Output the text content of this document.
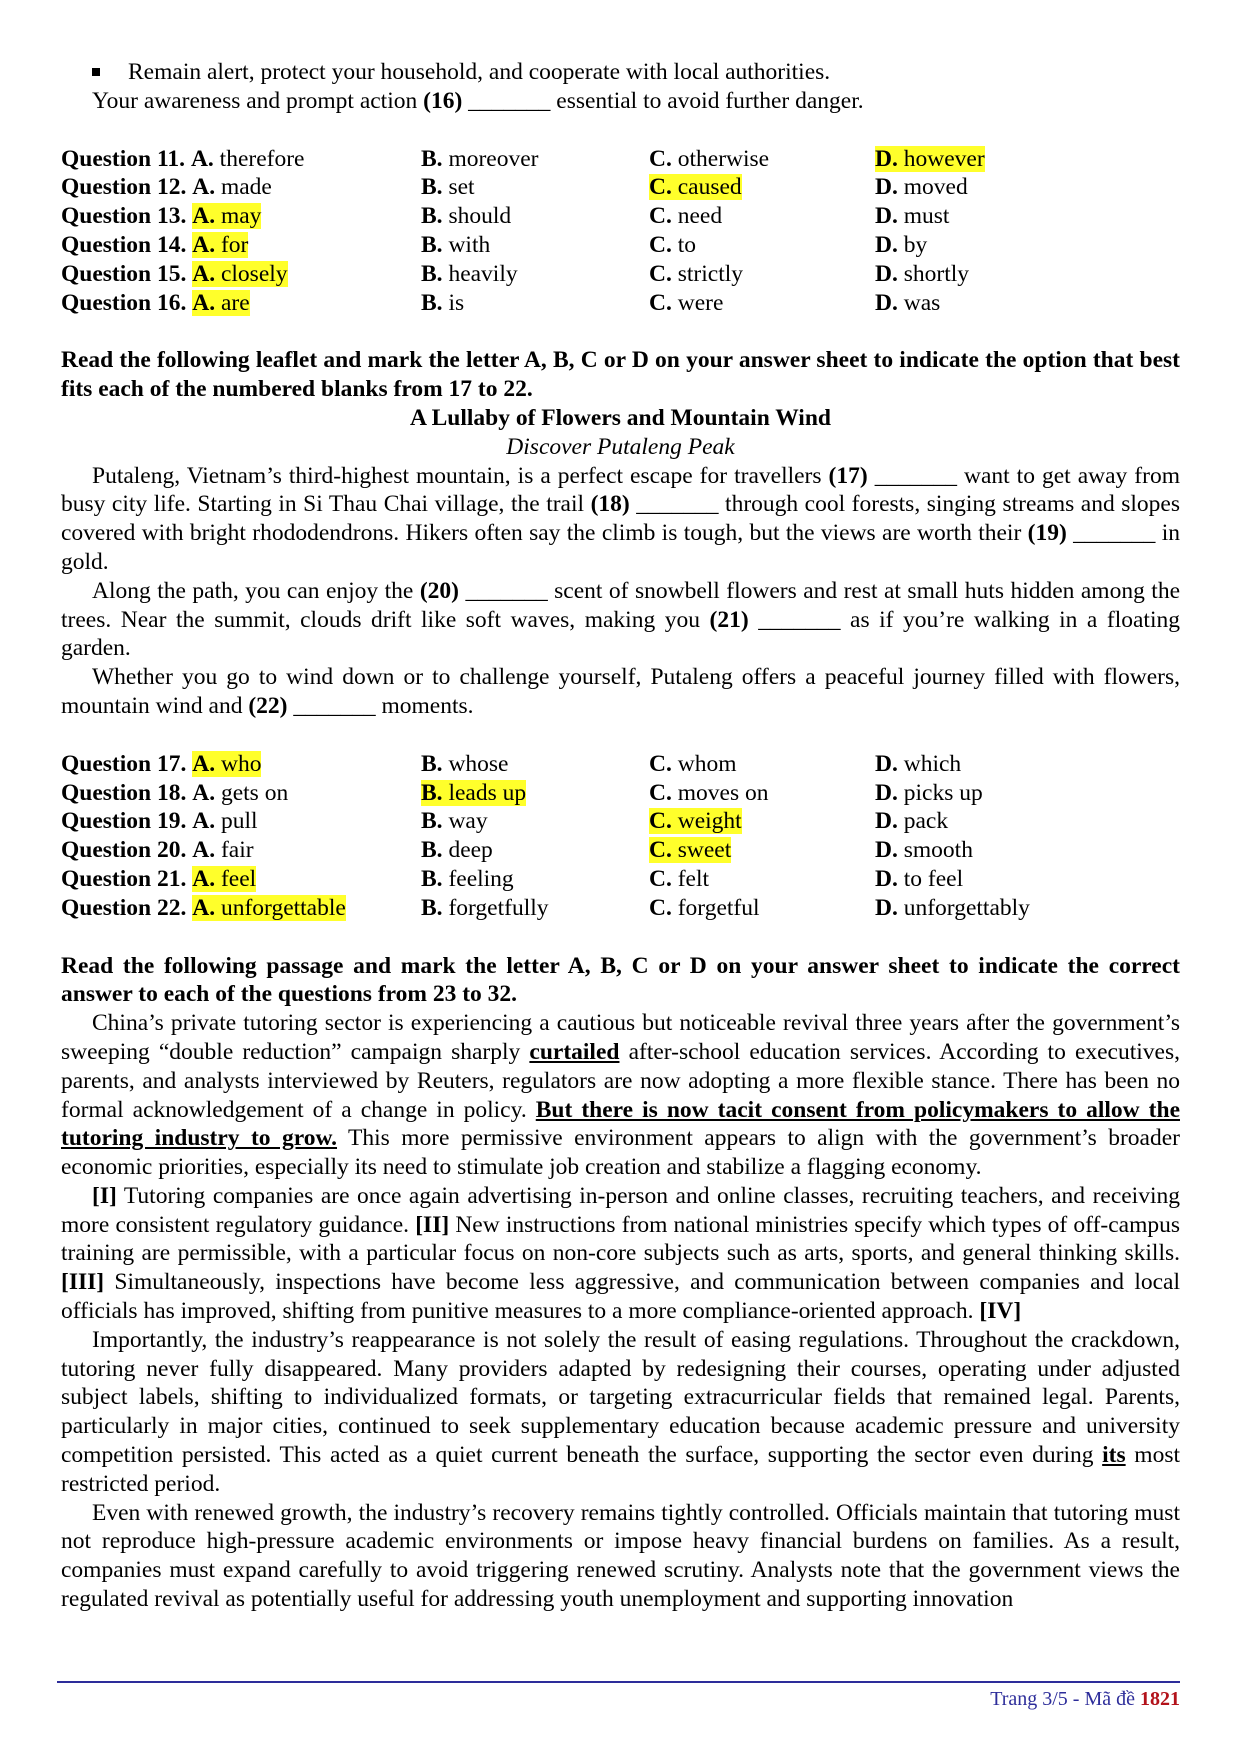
Remain alert, protect your household, and cooperate with local authorities.
Your awareness and prompt action (16) _______ essential to avoid further danger.
Question 11. A. therefore	B. moreover	C. otherwise	D. however
Question 12. A. made	B. set	C. caused	D. moved
Question 13. A. may	B. should	C. need	D. must
Question 14. A. for	B. with	C. to	D. by
Question 15. A. closely	B. heavily	C. strictly	D. shortly
Question 16. A. are	B. is	C. were	D. was
Read the following leaflet and mark the letter A, B, C or D on your answer sheet to indicate the option that best fits each of the numbered blanks from 17 to 22.
A Lullaby of Flowers and Mountain Wind
Discover Putaleng Peak
Putaleng, Vietnam’s third-highest mountain, is a perfect escape for travellers (17) _______ want to get away from busy city life. Starting in Si Thau Chai village, the trail (18) _______ through cool forests, singing streams and slopes covered with bright rhododendrons. Hikers often say the climb is tough, but the views are worth their (19) _______ in gold.
Along the path, you can enjoy the (20) _______ scent of snowbell flowers and rest at small huts hidden among the trees. Near the summit, clouds drift like soft waves, making you (21) _______ as if you’re walking in a floating garden.
Whether you go to wind down or to challenge yourself, Putaleng offers a peaceful journey filled with flowers, mountain wind and (22) _______ moments.
Question 17. A. who	B. whose	C. whom	D. which
Question 18. A. gets on	B. leads up	C. moves on	D. picks up
Question 19. A. pull	B. way	C. weight	D. pack
Question 20. A. fair	B. deep	C. sweet	D. smooth
Question 21. A. feel	B. feeling	C. felt	D. to feel
Question 22. A. unforgettable	B. forgetfully	C. forgetful	D. unforgettably
Read the following passage and mark the letter A, B, C or D on your answer sheet to indicate the correct answer to each of the questions from 23 to 32.
China’s private tutoring sector is experiencing a cautious but noticeable revival three years after the government’s sweeping “double reduction” campaign sharply curtailed after-school education services. According to executives, parents, and analysts interviewed by Reuters, regulators are now adopting a more flexible stance. There has been no formal acknowledgement of a change in policy. But there is now tacit consent from policymakers to allow the tutoring industry to grow. This more permissive environment appears to align with the government’s broader economic priorities, especially its need to stimulate job creation and stabilize a flagging economy.
[I] Tutoring companies are once again advertising in-person and online classes, recruiting teachers, and receiving more consistent regulatory guidance. [II] New instructions from national ministries specify which types of off-campus training are permissible, with a particular focus on non-core subjects such as arts, sports, and general thinking skills. [III] Simultaneously, inspections have become less aggressive, and communication between companies and local officials has improved, shifting from punitive measures to a more compliance-oriented approach. [IV]
Importantly, the industry’s reappearance is not solely the result of easing regulations. Throughout the crackdown, tutoring never fully disappeared. Many providers adapted by redesigning their courses, operating under adjusted subject labels, shifting to individualized formats, or targeting extracurricular fields that remained legal. Parents, particularly in major cities, continued to seek supplementary education because academic pressure and university competition persisted. This acted as a quiet current beneath the surface, supporting the sector even during its most restricted period.
Even with renewed growth, the industry’s recovery remains tightly controlled. Officials maintain that tutoring must not reproduce high-pressure academic environments or impose heavy financial burdens on families. As a result, companies must expand carefully to avoid triggering renewed scrutiny. Analysts note that the government views the regulated revival as potentially useful for addressing youth unemployment and supporting innovation
Trang 3/5 - Mã đề 1821
